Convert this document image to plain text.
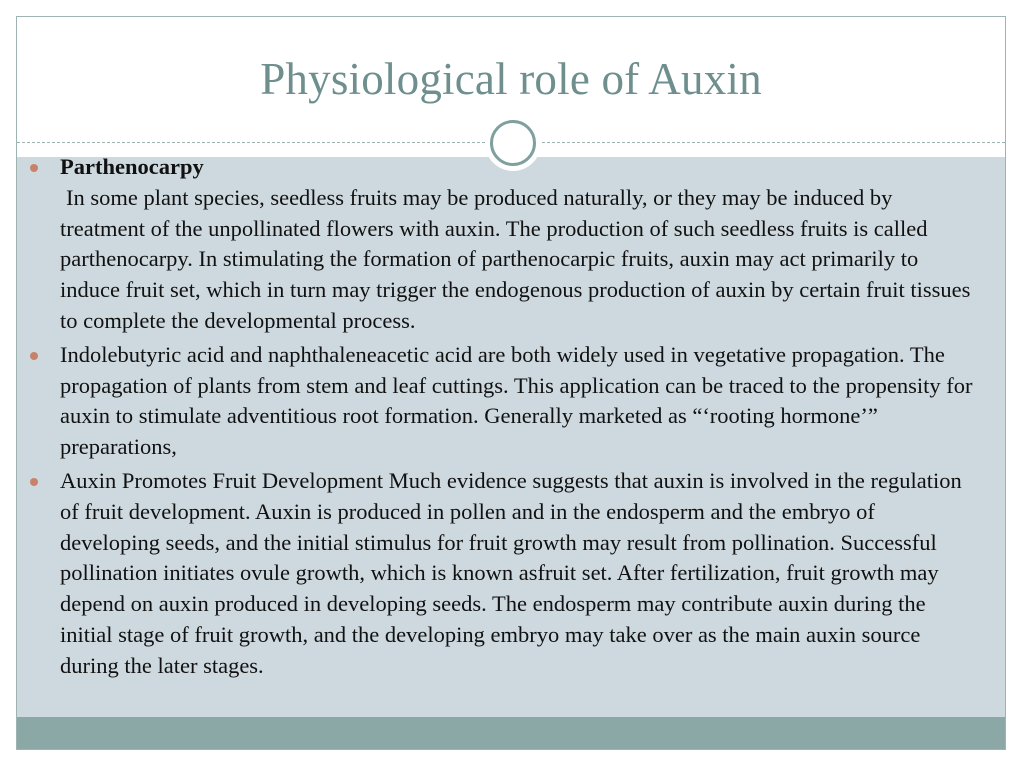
Physiological role of Auxin
Parthenocarpy
In some plant species, seedless fruits may be produced naturally, or they may be induced by treatment of the unpollinated flowers with auxin. The production of such seedless fruits is called parthenocarpy. In stimulating the formation of parthenocarpic fruits, auxin may act primarily to induce fruit set, which in turn may trigger the endogenous production of auxin by certain fruit tissues to complete the developmental process.
Indolebutyric acid and naphthaleneacetic acid are both widely used in vegetative propagation. The propagation of plants from stem and leaf cuttings. This application can be traced to the propensity for auxin to stimulate adventitious root formation. Generally marketed as “‘rooting hormone’” preparations,
Auxin Promotes Fruit Development Much evidence suggests that auxin is involved in the regulation of fruit development. Auxin is produced in pollen and in the endosperm and the embryo of developing seeds, and the initial stimulus for fruit growth may result from pollination. Successful pollination initiates ovule growth, which is known asfruit set. After fertilization, fruit growth may depend on auxin produced in developing seeds. The endosperm may contribute auxin during the initial stage of fruit growth, and the developing embryo may take over as the main auxin source during the later stages.
